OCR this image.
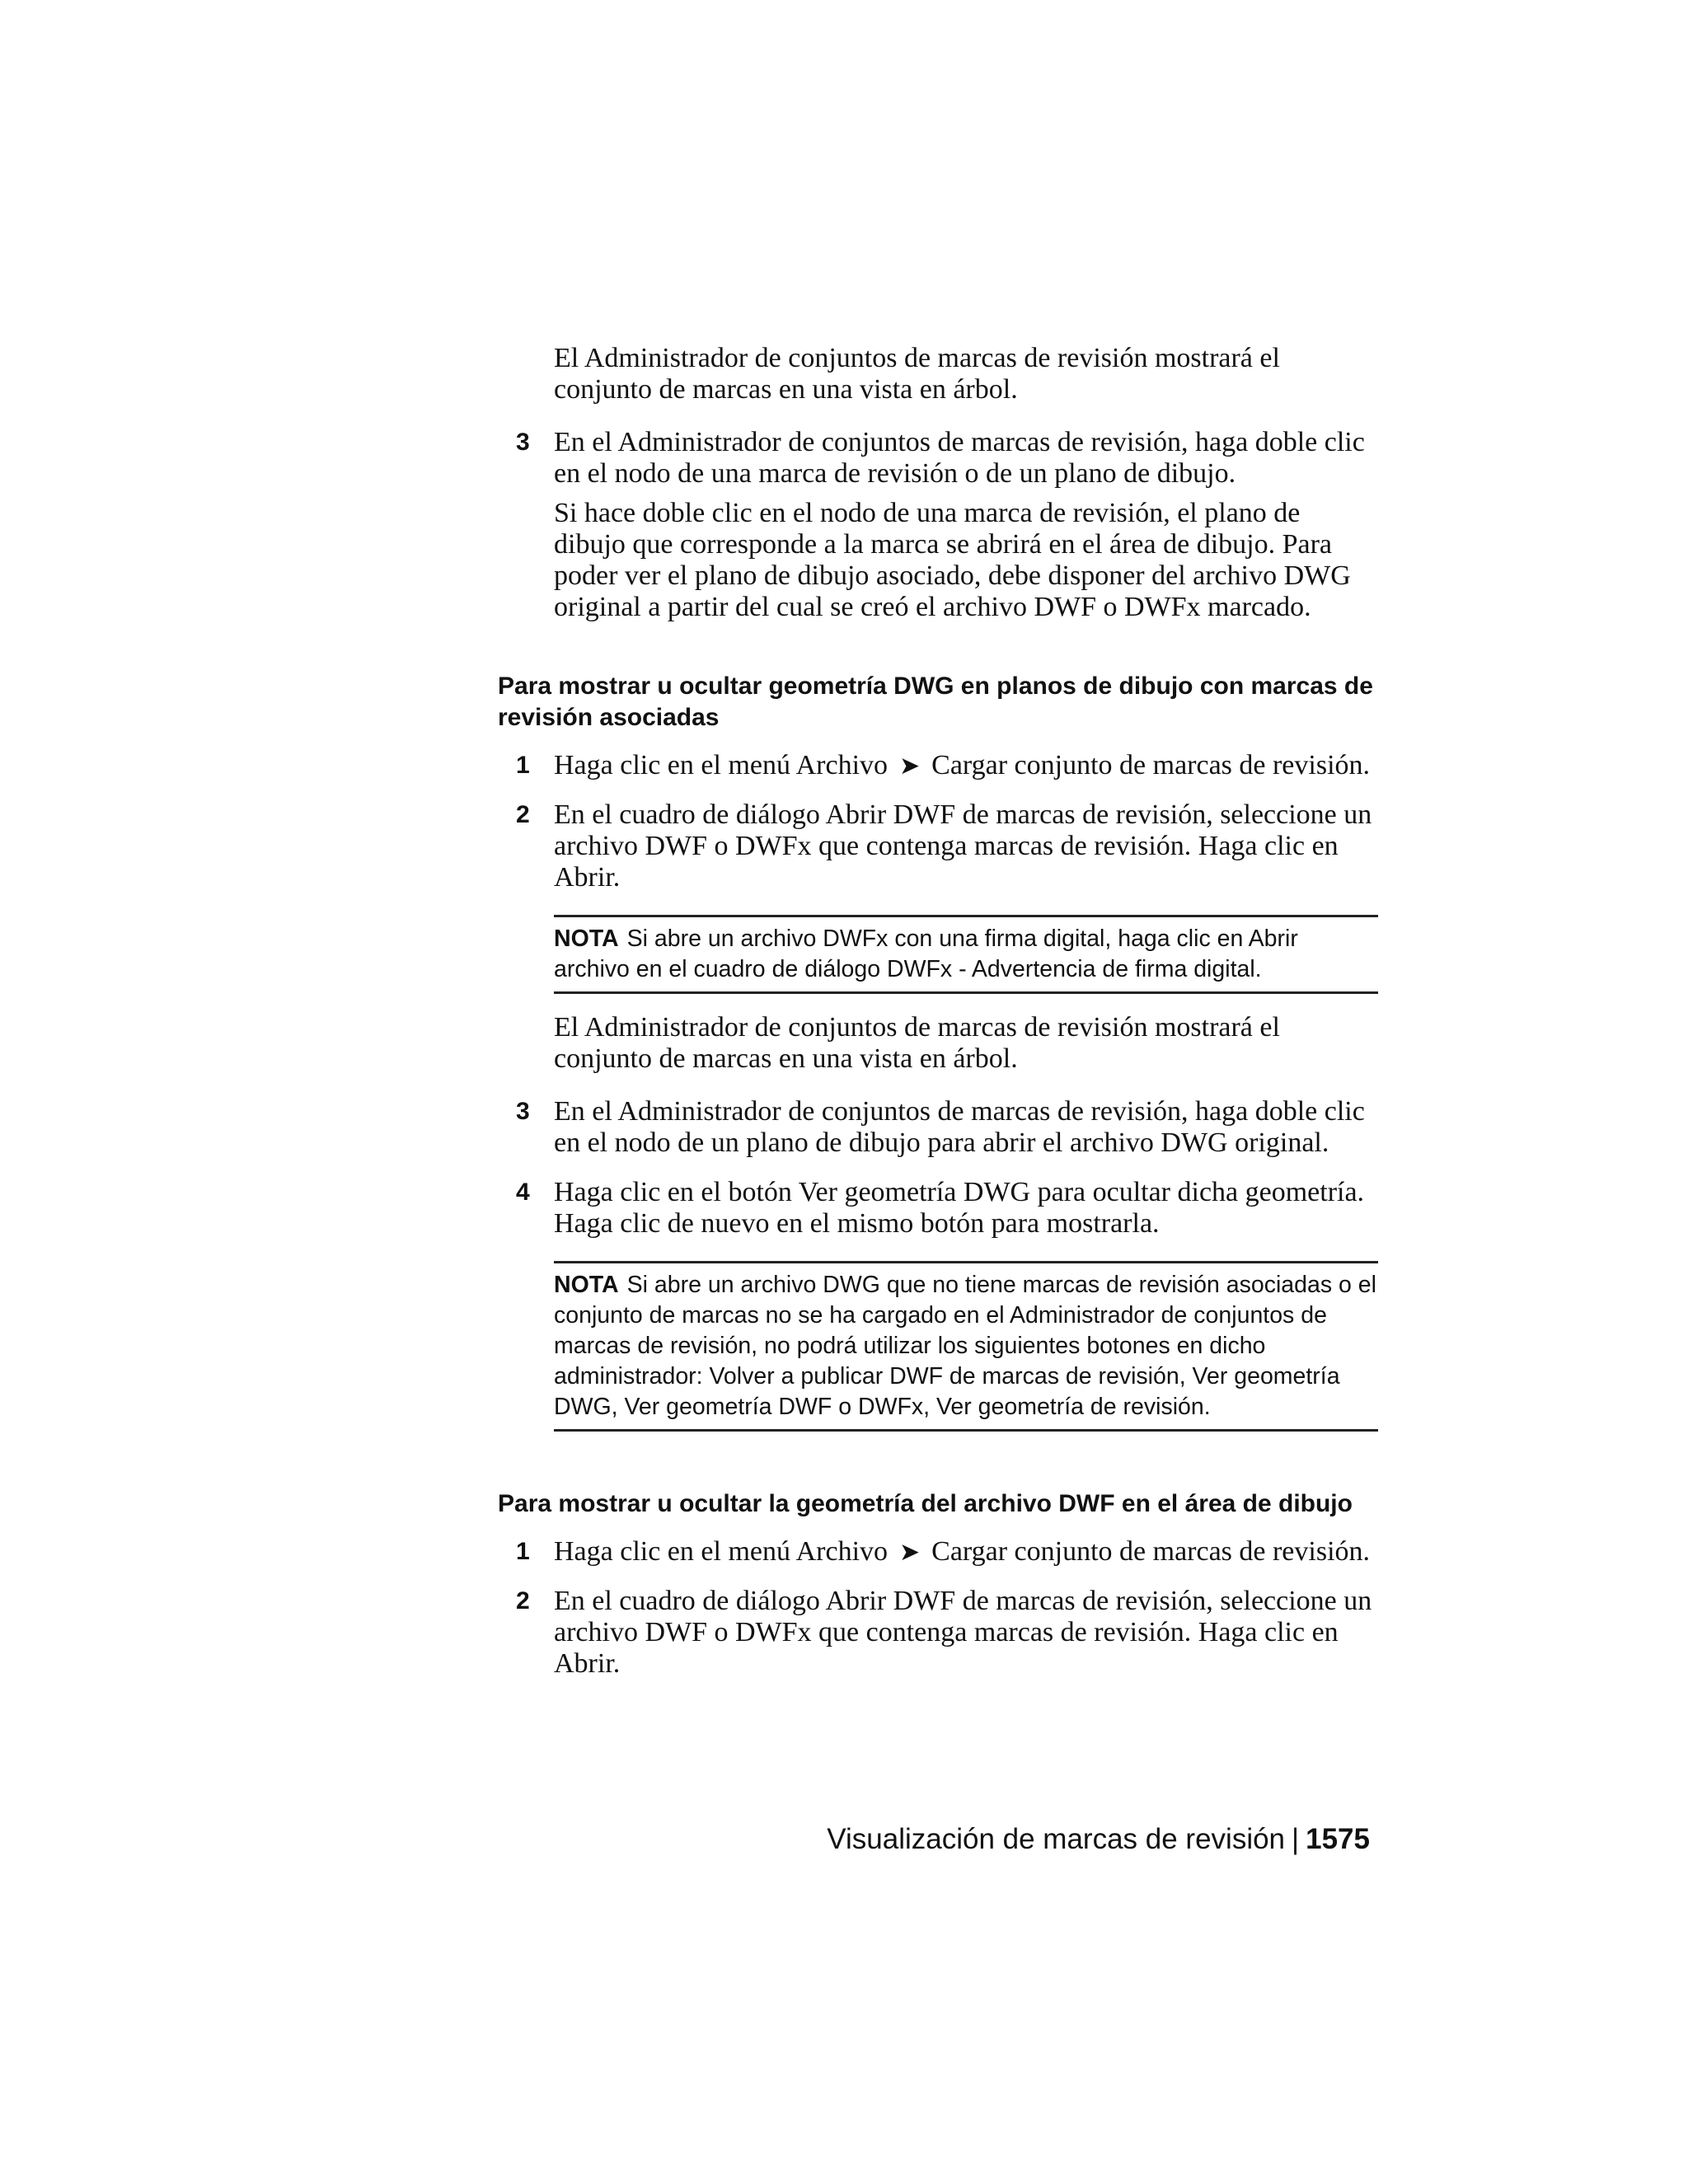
El Administrador de conjuntos de marcas de revisión mostrará el conjunto de marcas en una vista en árbol.

3 En el Administrador de conjuntos de marcas de revisión, haga doble clic en el nodo de una marca de revisión o de un plano de dibujo.

Si hace doble clic en el nodo de una marca de revisión, el plano de dibujo que corresponde a la marca se abrirá en el área de dibujo. Para poder ver el plano de dibujo asociado, debe disponer del archivo DWG original a partir del cual se creó el archivo DWF o DWFx marcado.

Para mostrar u ocultar geometría DWG en planos de dibujo con marcas de revisión asociadas
1 Haga clic en el menú Archivo ➤ Cargar conjunto de marcas de revisión.
2 En el cuadro de diálogo Abrir DWF de marcas de revisión, seleccione un archivo DWF o DWFx que contenga marcas de revisión. Haga clic en Abrir.

NOTA Si abre un archivo DWFx con una firma digital, haga clic en Abrir archivo en el cuadro de diálogo DWFx - Advertencia de firma digital.

El Administrador de conjuntos de marcas de revisión mostrará el conjunto de marcas en una vista en árbol.

3 En el Administrador de conjuntos de marcas de revisión, haga doble clic en el nodo de un plano de dibujo para abrir el archivo DWG original.

4 Haga clic en el botón Ver geometría DWG para ocultar dicha geometría. Haga clic de nuevo en el mismo botón para mostrarla.

NOTA Si abre un archivo DWG que no tiene marcas de revisión asociadas o el conjunto de marcas no se ha cargado en el Administrador de conjuntos de marcas de revisión, no podrá utilizar los siguientes botones en dicho administrador: Volver a publicar DWF de marcas de revisión, Ver geometría DWG, Ver geometría DWF o DWFx, Ver geometría de revisión.
Para mostrar u ocultar la geometría del archivo DWF en el área de dibujo
1 Haga clic en el menú Archivo ➤ Cargar conjunto de marcas de revisión.
2 En el cuadro de diálogo Abrir DWF de marcas de revisión, seleccione un archivo DWF o DWFx que contenga marcas de revisión. Haga clic en Abrir.

Visualización de marcas de revisión | 1575
